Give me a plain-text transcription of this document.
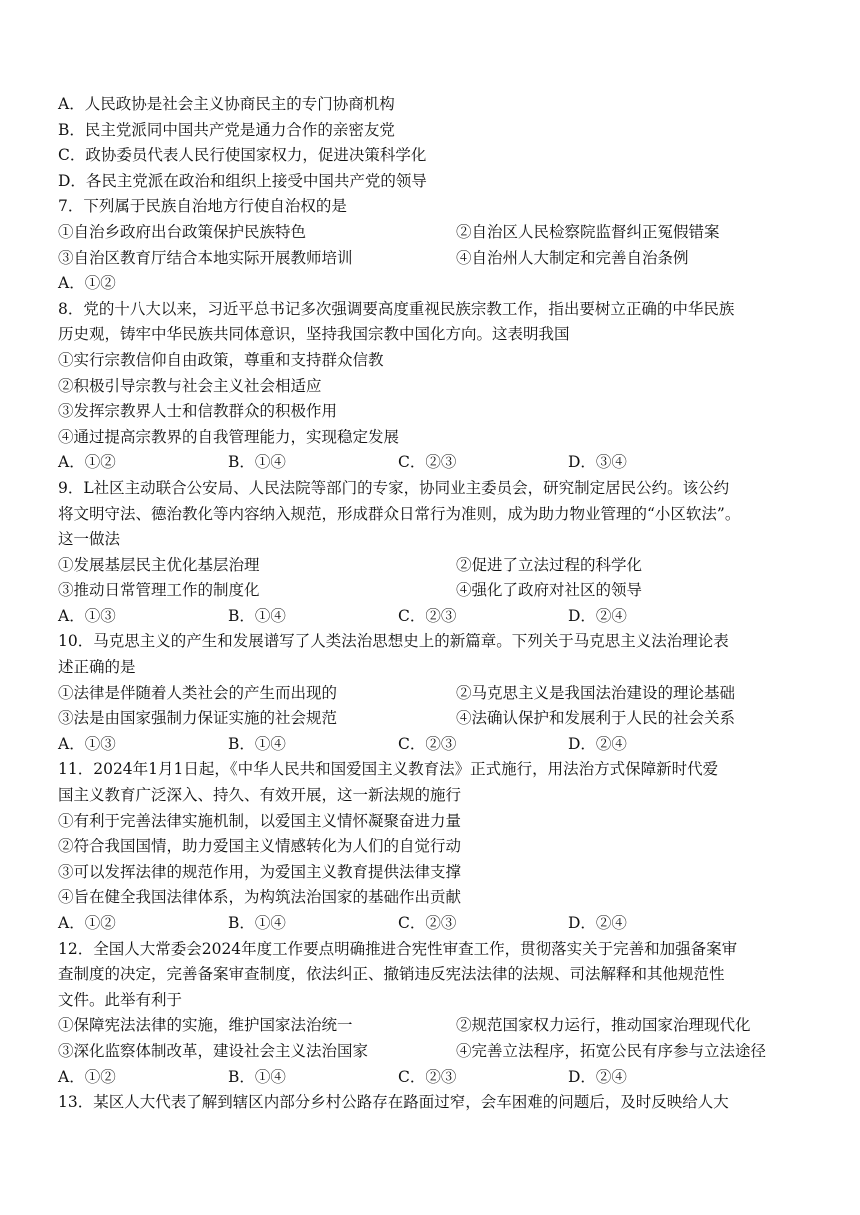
A．人民政协是社会主义协商民主的专门协商机构
B．民主党派同中国共产党是通力合作的亲密友党
C．政协委员代表人民行使国家权力，促进决策科学化
D．各民主党派在政治和组织上接受中国共产党的领导
7．下列属于民族自治地方行使自治权的是
①自治乡政府出台政策保护民族特色	②自治区人民检察院监督纠正冤假错案
③自治区教育厅结合本地实际开展教师培训	④自治州人大制定和完善自治条例
A．①②
8．党的十八大以来，习近平总书记多次强调要高度重视民族宗教工作，指出要树立正确的中华民族
历史观，铸牢中华民族共同体意识，坚持我国宗教中国化方向。这表明我国
①实行宗教信仰自由政策，尊重和支持群众信教
②积极引导宗教与社会主义社会相适应
③发挥宗教界人士和信教群众的积极作用
④通过提高宗教界的自我管理能力，实现稳定发展
A．①②	B．①④	C．②③	D．③④
9．L社区主动联合公安局、人民法院等部门的专家，协同业主委员会，研究制定居民公约。该公约
将文明守法、德治教化等内容纳入规范，形成群众日常行为准则，成为助力物业管理的“小区软法”。
这一做法
①发展基层民主优化基层治理	②促进了立法过程的科学化
③推动日常管理工作的制度化	④强化了政府对社区的领导
A．①③	B．①④	C．②③	D．②④
10．马克思主义的产生和发展谱写了人类法治思想史上的新篇章。下列关于马克思主义法治理论表
述正确的是
①法律是伴随着人类社会的产生而出现的	②马克思主义是我国法治建设的理论基础
③法是由国家强制力保证实施的社会规范	④法确认保护和发展利于人民的社会关系
A．①③	B．①④	C．②③	D．②④
11．2024年1月1日起，《中华人民共和国爱国主义教育法》正式施行，用法治方式保障新时代爱
国主义教育广泛深入、持久、有效开展，这一新法规的施行
①有利于完善法律实施机制，以爱国主义情怀凝聚奋进力量
②符合我国国情，助力爱国主义情感转化为人们的自觉行动
③可以发挥法律的规范作用，为爱国主义教育提供法律支撑
④旨在健全我国法律体系，为构筑法治国家的基础作出贡献
A．①②	B．①④	C．②③	D．②④
12．全国人大常委会2024年度工作要点明确推进合宪性审查工作，贯彻落实关于完善和加强备案审
查制度的决定，完善备案审查制度，依法纠正、撤销违反宪法法律的法规、司法解释和其他规范性
文件。此举有利于
①保障宪法法律的实施，维护国家法治统一	②规范国家权力运行，推动国家治理现代化
③深化监察体制改革，建设社会主义法治国家	④完善立法程序，拓宽公民有序参与立法途径
A．①②	B．①④	C．②③	D．②④
13．某区人大代表了解到辖区内部分乡村公路存在路面过窄，会车困难的问题后，及时反映给人大
